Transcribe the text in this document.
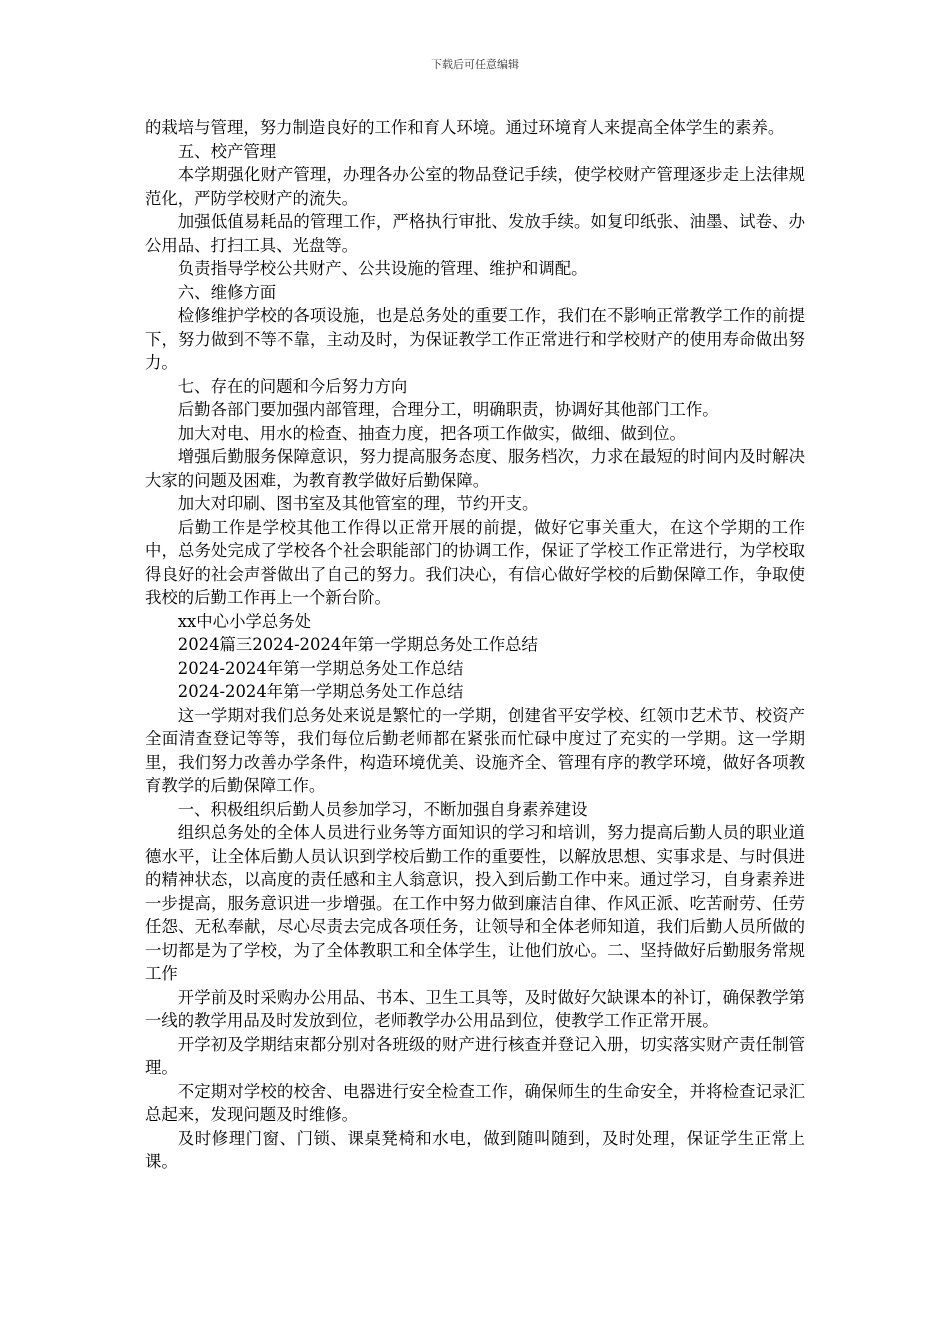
下载后可任意编辑

的栽培与管理，努力制造良好的工作和育人环境。通过环境育人来提高全体学生的素养。

五、校产管理

本学期强化财产管理，办理各办公室的物品登记手续，使学校财产管理逐步走上法律规范化，严防学校财产的流失。

加强低值易耗品的管理工作，严格执行审批、发放手续。如复印纸张、油墨、试卷、办公用品、打扫工具、光盘等。

负责指导学校公共财产、公共设施的管理、维护和调配。

六、维修方面

检修维护学校的各项设施，也是总务处的重要工作，我们在不影响正常教学工作的前提下，努力做到不等不靠，主动及时，为保证教学工作正常进行和学校财产的使用寿命做出努力。

七、存在的问题和今后努力方向

后勤各部门要加强内部管理，合理分工，明确职责，协调好其他部门工作。

加大对电、用水的检查、抽查力度，把各项工作做实，做细、做到位。

增强后勤服务保障意识，努力提高服务态度、服务档次，力求在最短的时间内及时解决大家的问题及困难，为教育教学做好后勤保障。

加大对印刷、图书室及其他管室的理，节约开支。

后勤工作是学校其他工作得以正常开展的前提，做好它事关重大，在这个学期的工作中，总务处完成了学校各个社会职能部门的协调工作，保证了学校工作正常进行，为学校取得良好的社会声誉做出了自己的努力。我们决心，有信心做好学校的后勤保障工作，争取使我校的后勤工作再上一个新台阶。

xx中心小学总务处

2024篇三2024-2024年第一学期总务处工作总结

2024-2024年第一学期总务处工作总结

2024-2024年第一学期总务处工作总结

这一学期对我们总务处来说是繁忙的一学期，创建省平安学校、红领巾艺术节、校资产全面清查登记等等，我们每位后勤老师都在紧张而忙碌中度过了充实的一学期。这一学期里，我们努力改善办学条件，构造环境优美、设施齐全、管理有序的教学环境，做好各项教育教学的后勤保障工作。

一、积极组织后勤人员参加学习，不断加强自身素养建设

组织总务处的全体人员进行业务等方面知识的学习和培训，努力提高后勤人员的职业道德水平，让全体后勤人员认识到学校后勤工作的重要性，以解放思想、实事求是、与时俱进的精神状态，以高度的责任感和主人翁意识，投入到后勤工作中来。通过学习，自身素养进一步提高，服务意识进一步增强。在工作中努力做到廉洁自律、作风正派、吃苦耐劳、任劳任怨、无私奉献，尽心尽责去完成各项任务，让领导和全体老师知道，我们后勤人员所做的一切都是为了学校，为了全体教职工和全体学生，让他们放心。二、坚持做好后勤服务常规工作

开学前及时采购办公用品、书本、卫生工具等，及时做好欠缺课本的补订，确保教学第一线的教学用品及时发放到位，老师教学办公用品到位，使教学工作正常开展。

开学初及学期结束都分别对各班级的财产进行核查并登记入册，切实落实财产责任制管理。

不定期对学校的校舍、电器进行安全检查工作，确保师生的生命安全，并将检查记录汇总起来，发现问题及时维修。

及时修理门窗、门锁、课桌凳椅和水电，做到随叫随到，及时处理，保证学生正常上课。
